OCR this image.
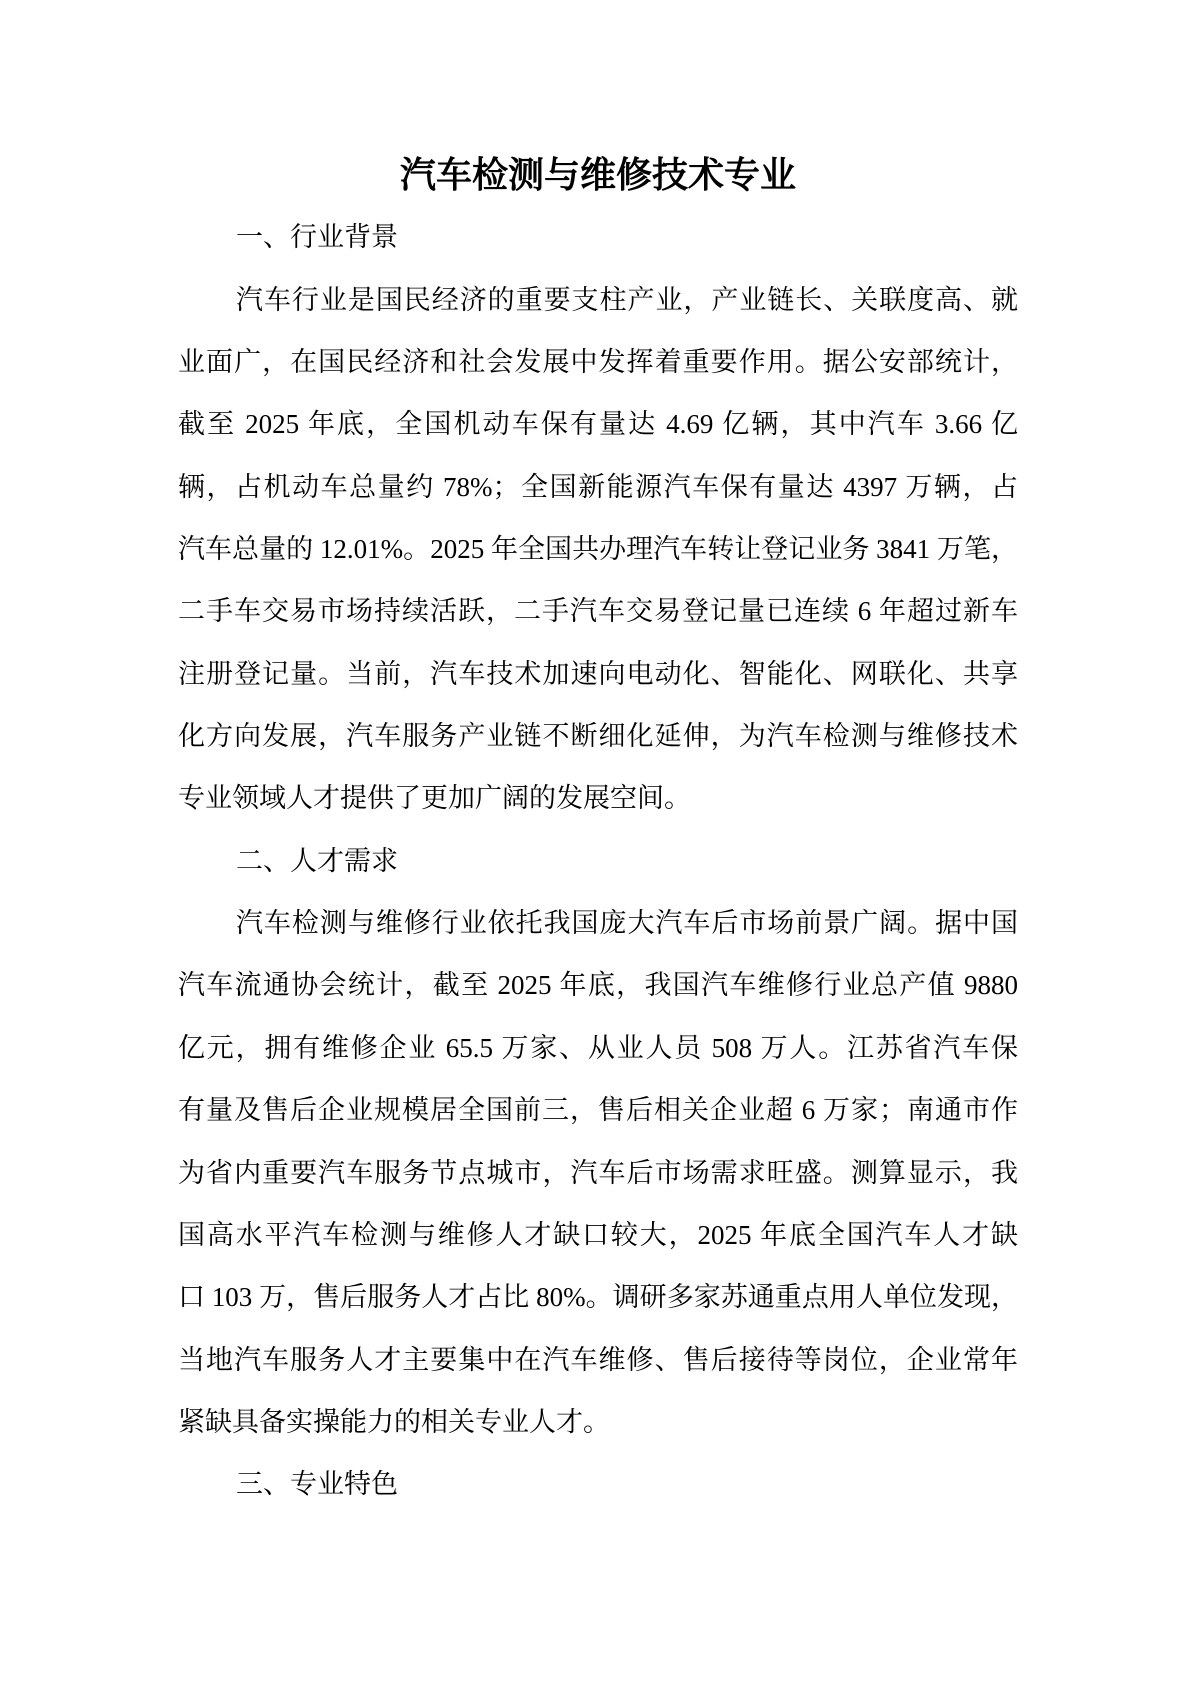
汽车检测与维修技术专业
一、行业背景
汽车行业是国民经济的重要支柱产业，产业链长、关联度高、就
业面广，在国民经济和社会发展中发挥着重要作用。据公安部统计，
截至 2025 年底，全国机动车保有量达 4.69 亿辆，其中汽车 3.66 亿
辆，占机动车总量约 78%；全国新能源汽车保有量达 4397 万辆，占
汽车总量的 12.01%。2025 年全国共办理汽车转让登记业务 3841 万笔，
二手车交易市场持续活跃，二手汽车交易登记量已连续 6 年超过新车
注册登记量。当前，汽车技术加速向电动化、智能化、网联化、共享
化方向发展，汽车服务产业链不断细化延伸，为汽车检测与维修技术
专业领域人才提供了更加广阔的发展空间。
二、人才需求
汽车检测与维修行业依托我国庞大汽车后市场前景广阔。据中国
汽车流通协会统计，截至 2025 年底，我国汽车维修行业总产值 9880
亿元，拥有维修企业 65.5 万家、从业人员 508 万人。江苏省汽车保
有量及售后企业规模居全国前三，售后相关企业超 6 万家；南通市作
为省内重要汽车服务节点城市，汽车后市场需求旺盛。测算显示，我
国高水平汽车检测与维修人才缺口较大，2025 年底全国汽车人才缺
口 103 万，售后服务人才占比 80%。调研多家苏通重点用人单位发现，
当地汽车服务人才主要集中在汽车维修、售后接待等岗位，企业常年
紧缺具备实操能力的相关专业人才。
三、专业特色
